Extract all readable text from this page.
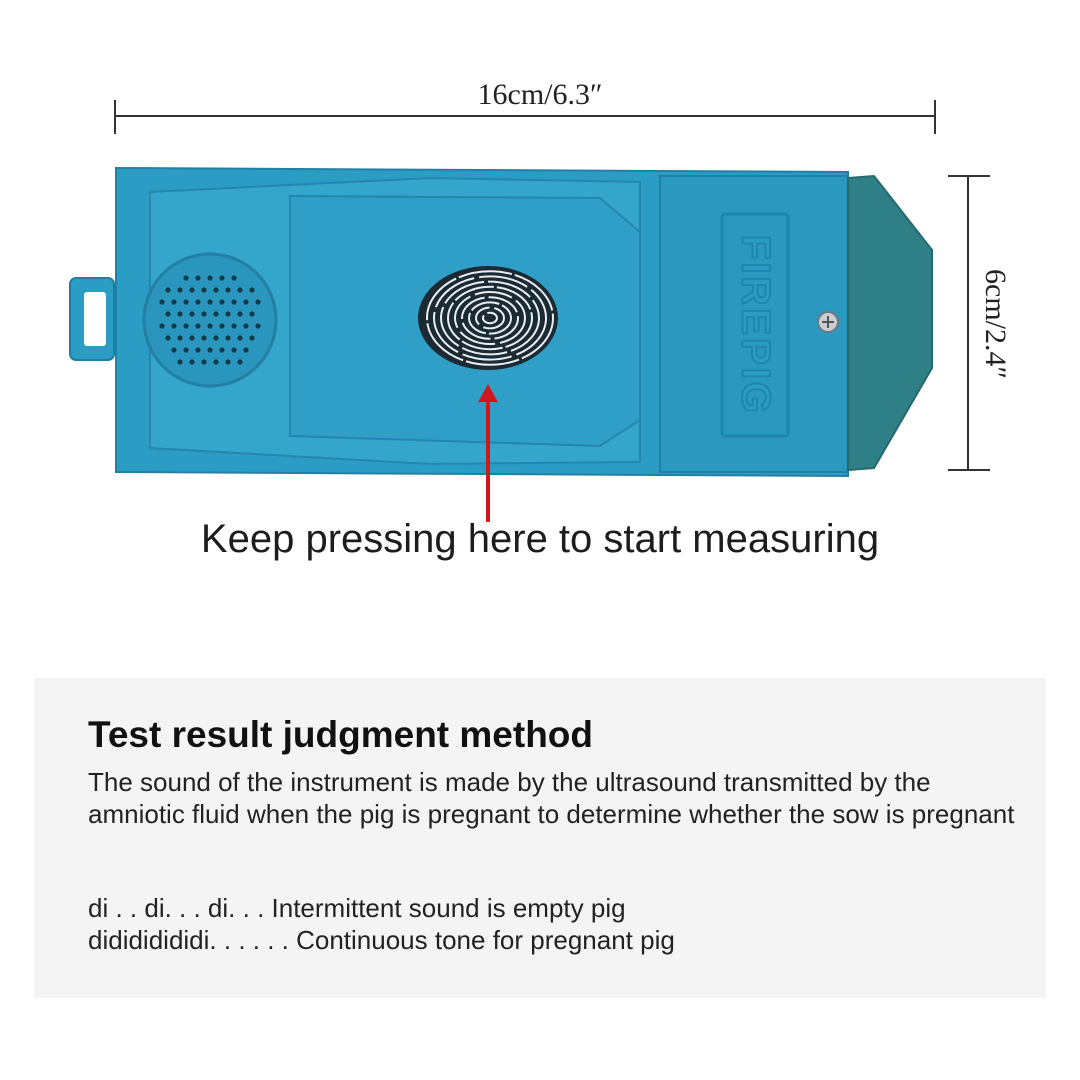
16cm/6.3″
6cm/2.4″
FIREPIG
Keep pressing here to start measuring
Test result judgment method
The sound of the instrument is made by the ultrasound transmitted by the amniotic fluid when the pig is pregnant to determine whether the sow is pregnant
di . . di. . . di. . . Intermittent sound is empty pig
didididididi. . . . . . Continuous tone for pregnant pig
